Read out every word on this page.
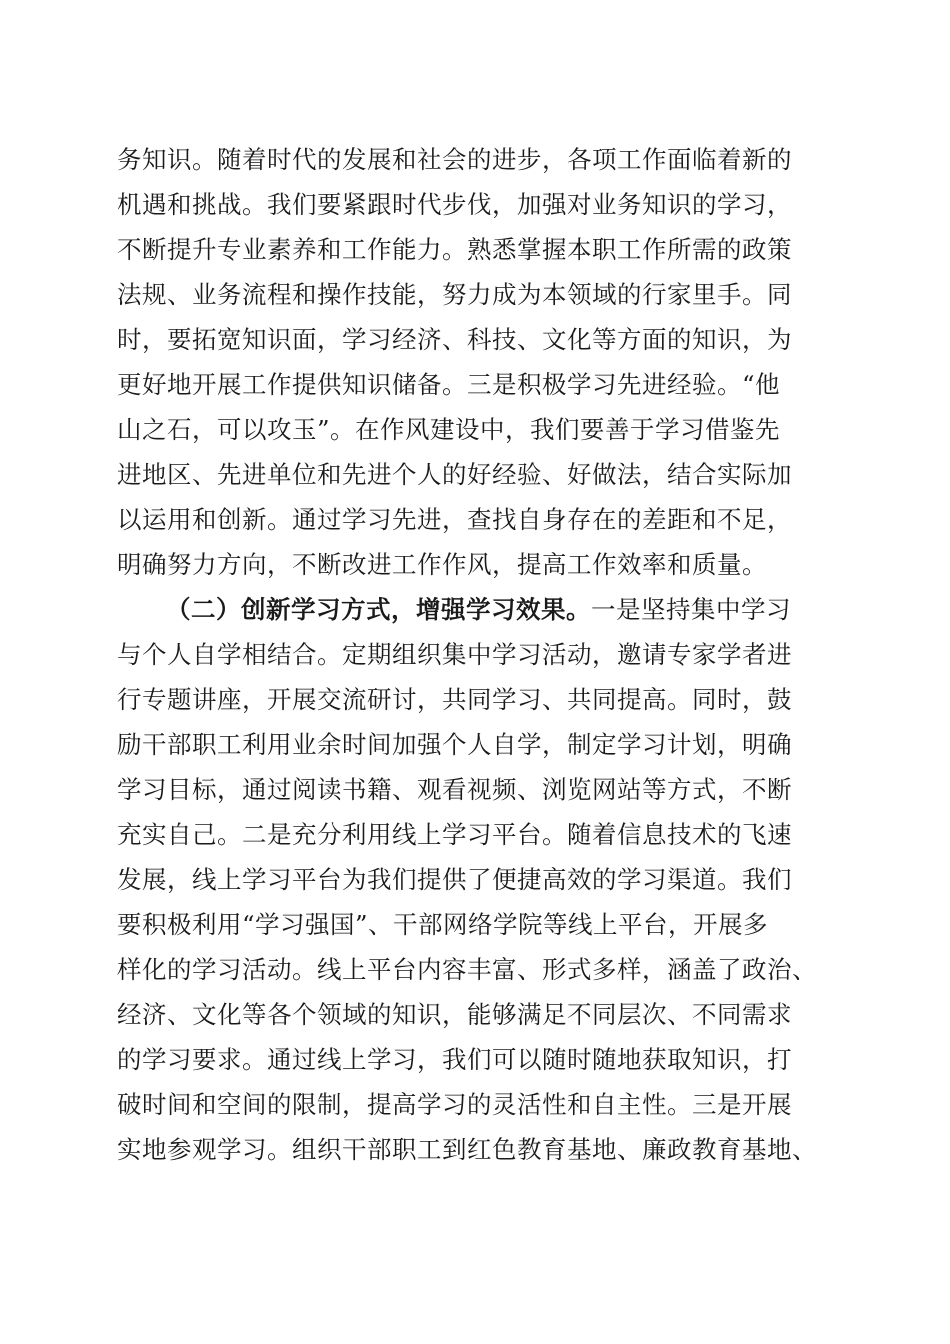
务知识。随着时代的发展和社会的进步，各项工作面临着新的
机遇和挑战。我们要紧跟时代步伐，加强对业务知识的学习，
不断提升专业素养和工作能力。熟悉掌握本职工作所需的政策
法规、业务流程和操作技能，努力成为本领域的行家里手。同
时，要拓宽知识面，学习经济、科技、文化等方面的知识，为
更好地开展工作提供知识储备。三是积极学习先进经验。“他
山之石，可以攻玉”。在作风建设中，我们要善于学习借鉴先
进地区、先进单位和先进个人的好经验、好做法，结合实际加
以运用和创新。通过学习先进，查找自身存在的差距和不足，
明确努力方向，不断改进工作作风，提高工作效率和质量。
（二）创新学习方式，增强学习效果。一是坚持集中学习
与个人自学相结合。定期组织集中学习活动，邀请专家学者进
行专题讲座，开展交流研讨，共同学习、共同提高。同时，鼓
励干部职工利用业余时间加强个人自学，制定学习计划，明确
学习目标，通过阅读书籍、观看视频、浏览网站等方式，不断
充实自己。二是充分利用线上学习平台。随着信息技术的飞速
发展，线上学习平台为我们提供了便捷高效的学习渠道。我们
要积极利用“学习强国”、干部网络学院等线上平台，开展多
样化的学习活动。线上平台内容丰富、形式多样，涵盖了政治、
经济、文化等各个领域的知识，能够满足不同层次、不同需求
的学习要求。通过线上学习，我们可以随时随地获取知识，打
破时间和空间的限制，提高学习的灵活性和自主性。三是开展
实地参观学习。组织干部职工到红色教育基地、廉政教育基地、
